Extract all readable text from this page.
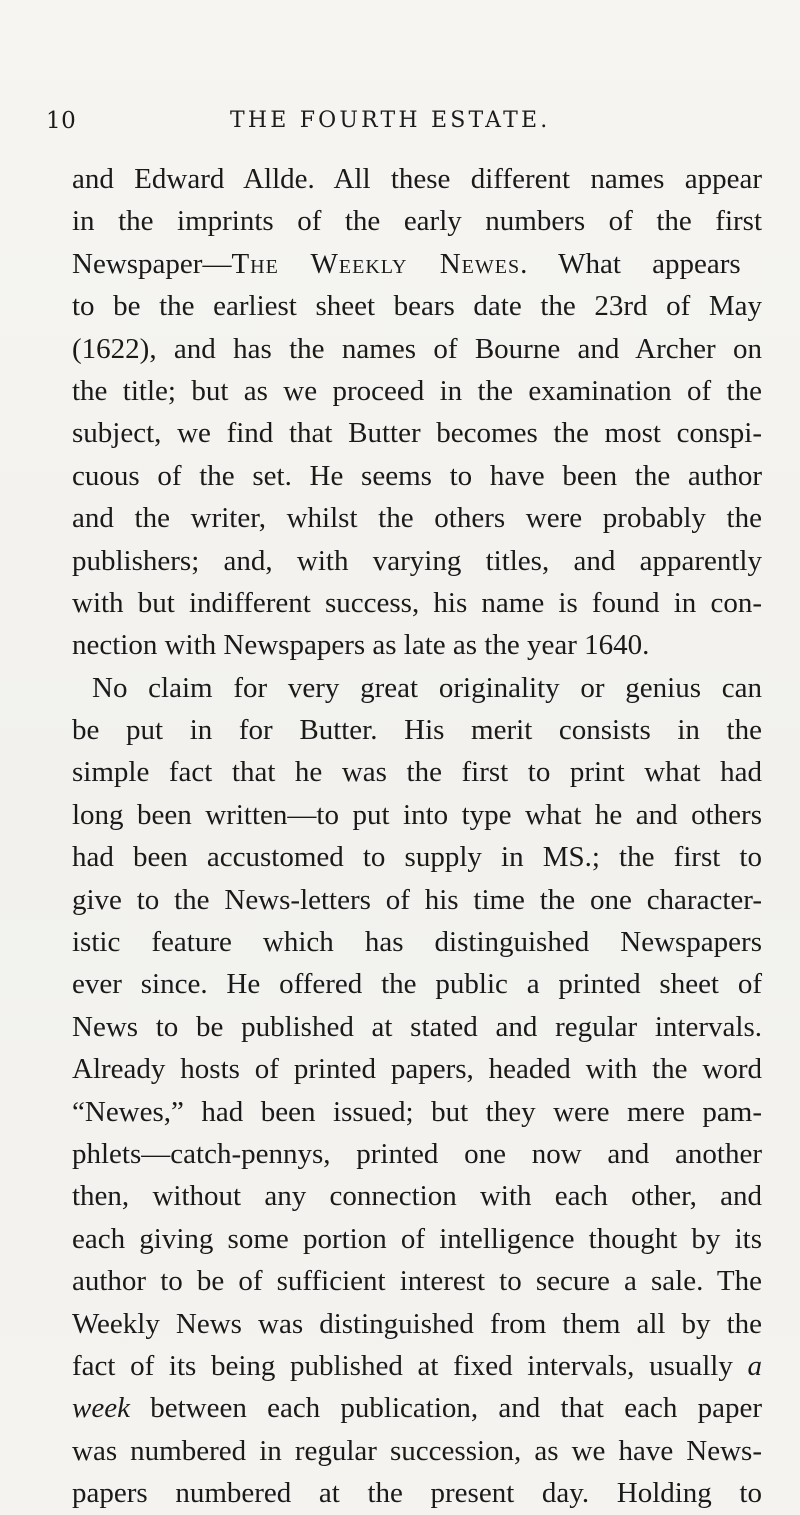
10	THE FOURTH ESTATE.
and Edward Allde. All these different names appear
in the imprints of the early numbers of the first
Newspaper—The Weekly Newes. What appears
to be the earliest sheet bears date the 23rd of May
(1622), and has the names of Bourne and Archer on
the title; but as we proceed in the examination of the
subject, we find that Butter becomes the most conspi-
cuous of the set. He seems to have been the author
and the writer, whilst the others were probably the
publishers; and, with varying titles, and apparently
with but indifferent success, his name is found in con-
nection with Newspapers as late as the year 1640.
No claim for very great originality or genius can
be put in for Butter. His merit consists in the
simple fact that he was the first to print what had
long been written—to put into type what he and others
had been accustomed to supply in MS.; the first to
give to the News-letters of his time the one character-
istic feature which has distinguished Newspapers
ever since. He offered the public a printed sheet of
News to be published at stated and regular intervals.
Already hosts of printed papers, headed with the word
“Newes,” had been issued; but they were mere pam-
phlets—catch-pennys, printed one now and another
then, without any connection with each other, and
each giving some portion of intelligence thought by its
author to be of sufficient interest to secure a sale. The
Weekly News was distinguished from them all by the
fact of its being published at fixed intervals, usually a
week between each publication, and that each paper
was numbered in regular succession, as we have News-
papers numbered at the present day. Holding to
